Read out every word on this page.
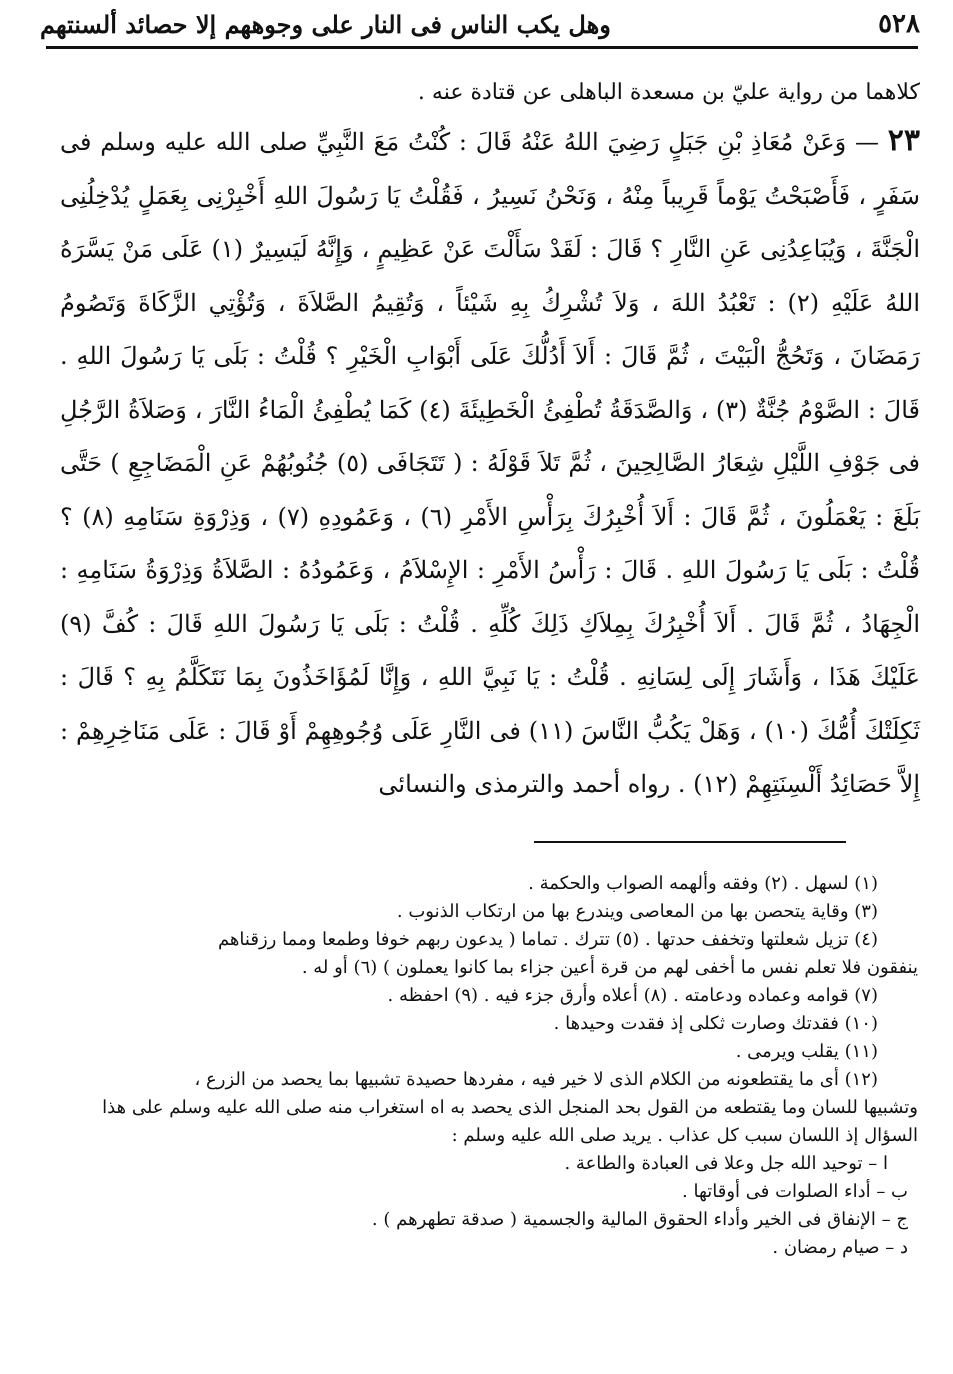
٥٢٨
وهل يكب الناس فى النار على وجوههم إلا حصائد ألسنتهم

كلاهما من رواية عليّ بن مسعدة الباهلى عن قتادة عنه .

٢٣ — وَعَنْ مُعَاذِ بْنِ جَبَلٍ رَضِيَ اللهُ عَنْهُ قَالَ : كُنْتُ مَعَ النَّبِيِّ صلى الله عليه وسلم فى سَفَرٍ ، فَأَصْبَحْتُ يَوْماً قَرِيباً مِنْهُ ، وَنَحْنُ نَسِيرُ ، فَقُلْتُ يَا رَسُولَ اللهِ أَخْبِرْنِى بِعَمَلٍ يُدْخِلُنِى الْجَنَّةَ ، وَيُبَاعِدُنِى عَنِ النَّارِ ؟ قَالَ : لَقَدْ سَأَلْتَ عَنْ عَظِيمٍ ، وَإِنَّهُ لَيَسِيرٌ (١) عَلَى مَنْ يَسَّرَهُ اللهُ عَلَيْهِ (٢) : تَعْبُدُ اللهَ ، وَلاَ تُشْرِكُ بِهِ شَيْئاً ، وَتُقِيمُ الصَّلاَةَ ، وَتُؤْتِي الزَّكَاةَ وَتَصُومُ رَمَضَانَ ، وَتَحُجُّ الْبَيْتَ ، ثُمَّ قَالَ : أَلاَ أَدُلُّكَ عَلَى أَبْوَابِ الْخَيْرِ ؟ قُلْتُ : بَلَى يَا رَسُولَ اللهِ . قَالَ : الصَّوْمُ جُنَّةٌ (٣) ، وَالصَّدَقَةُ تُطْفِئُ الْخَطِيئَةَ (٤) كَمَا يُطْفِئُ الْمَاءُ النَّارَ ، وَصَلاَةُ الرَّجُلِ فى جَوْفِ اللَّيْلِ شِعَارُ الصَّالِحِينَ ، ثُمَّ تَلاَ قَوْلَهُ : ( تَتَجَافَى (٥) جُنُوبُهُمْ عَنِ الْمَضَاجِعِ ) حَتَّى بَلَغَ : يَعْمَلُونَ ، ثُمَّ قَالَ : أَلاَ أُخْبِرُكَ بِرَأْسِ الأَمْرِ (٦) ، وَعَمُودِهِ (٧) ، وَذِرْوَةِ سَنَامِهِ (٨) ؟ قُلْتُ : بَلَى يَا رَسُولَ اللهِ . قَالَ : رَأْسُ الأَمْرِ : الإِسْلاَمُ ، وَعَمُودُهُ : الصَّلاَةُ وَذِرْوَةُ سَنَامِهِ : الْجِهَادُ ، ثُمَّ قَالَ . أَلاَ أُخْبِرُكَ بِمِلاَكِ ذَلِكَ كُلِّهِ . قُلْتُ : بَلَى يَا رَسُولَ اللهِ قَالَ : كُفَّ (٩) عَلَيْكَ هَذَا ، وَأَشَارَ إِلَى لِسَانِهِ . قُلْتُ : يَا نَبِيَّ اللهِ ، وَإِنَّا لَمُؤَاخَذُونَ بِمَا نَتَكَلَّمُ بِهِ ؟ قَالَ : ثَكِلَتْكَ أُمُّكَ (١٠) ، وَهَلْ يَكُبُّ النَّاسَ (١١) فى النَّارِ عَلَى وُجُوهِهِمْ أَوْ قَالَ : عَلَى مَنَاخِرِهِمْ : إِلاَّ حَصَائِدُ أَلْسِنَتِهِمْ (١٢) . رواه أحمد والترمذى والنسائى

(١) لسهل . (٢) وفقه وألهمه الصواب والحكمة .

(٣) وقاية يتحصن بها من المعاصى ويندرع بها من ارتكاب الذنوب .

(٤) تزيل شعلتها وتخفف حدتها . (٥) تترك . تماما ( يدعون ربهم خوفا وطمعا ومما رزقناهم

ينفقون فلا تعلم نفس ما أخفى لهم من قرة أعين جزاء بما كانوا يعملون ) (٦) أو له .

(٧) قوامه وعماده ودعامته . (٨) أعلاه وأرق جزء فيه . (٩) احفظه .

(١٠) فقدتك وصارت ثكلى إذ فقدت وحيدها .

(١١) يقلب ويرمى .

(١٢) أى ما يقتطعونه من الكلام الذى لا خير فيه ، مفردها حصيدة تشبيها بما يحصد من الزرع ،

وتشبيها للسان وما يقتطعه من القول بحد المنجل الذى يحصد به اه استغراب منه صلى الله عليه وسلم على هذا

السؤال إذ اللسان سبب كل عذاب . يريد صلى الله عليه وسلم :

ا – توحيد الله جل وعلا فى العبادة والطاعة .

ب – أداء الصلوات فى أوقاتها .

ج – الإنفاق فى الخير وأداء الحقوق المالية والجسمية ( صدقة تطهرهم ) .

د – صيام رمضان .
